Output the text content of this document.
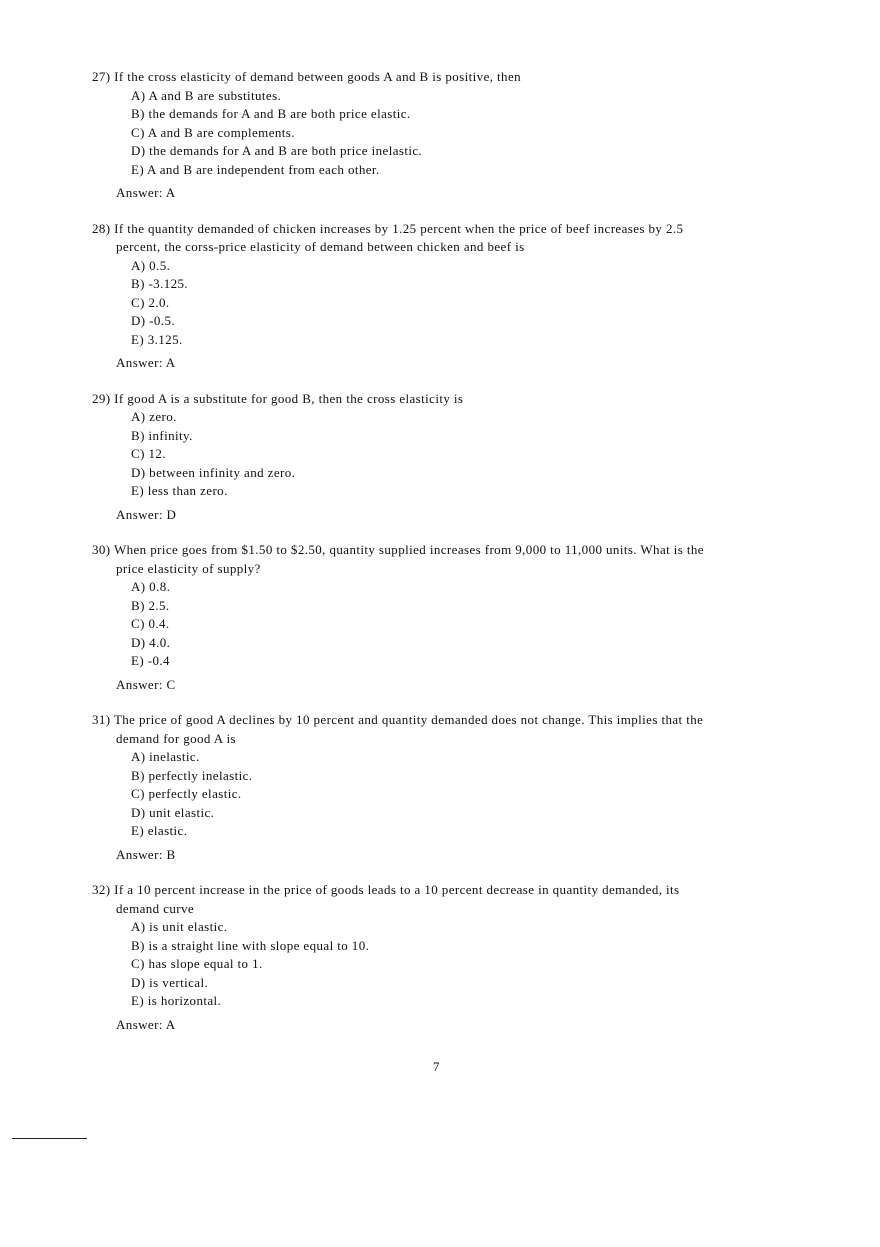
27) If the cross elasticity of demand between goods A and B is positive, then
A) A and B are substitutes.
B) the demands for A and B are both price elastic.
C) A and B are complements.
D) the demands for A and B are both price inelastic.
E) A and B are independent from each other.
Answer: A
28) If the quantity demanded of chicken increases by 1.25 percent when the price of beef increases by 2.5
percent, the corss-price elasticity of demand between chicken and beef is
A) 0.5.
B) -3.125.
C) 2.0.
D) -0.5.
E) 3.125.
Answer: A
29) If good A is a substitute for good B, then the cross elasticity is
A) zero.
B) infinity.
C) 12.
D) between infinity and zero.
E) less than zero.
Answer: D
30) When price goes from $1.50 to $2.50, quantity supplied increases from 9,000 to 11,000 units. What is the
price elasticity of supply?
A) 0.8.
B) 2.5.
C) 0.4.
D) 4.0.
E) -0.4
Answer: C
31) The price of good A declines by 10 percent and quantity demanded does not change. This implies that the
demand for good A is
A) inelastic.
B) perfectly inelastic.
C) perfectly elastic.
D) unit elastic.
E) elastic.
Answer: B
32) If a 10 percent increase in the price of goods leads to a 10 percent decrease in quantity demanded, its
demand curve
A) is unit elastic.
B) is a straight line with slope equal to 10.
C) has slope equal to 1.
D) is vertical.
E) is horizontal.
Answer: A
7
